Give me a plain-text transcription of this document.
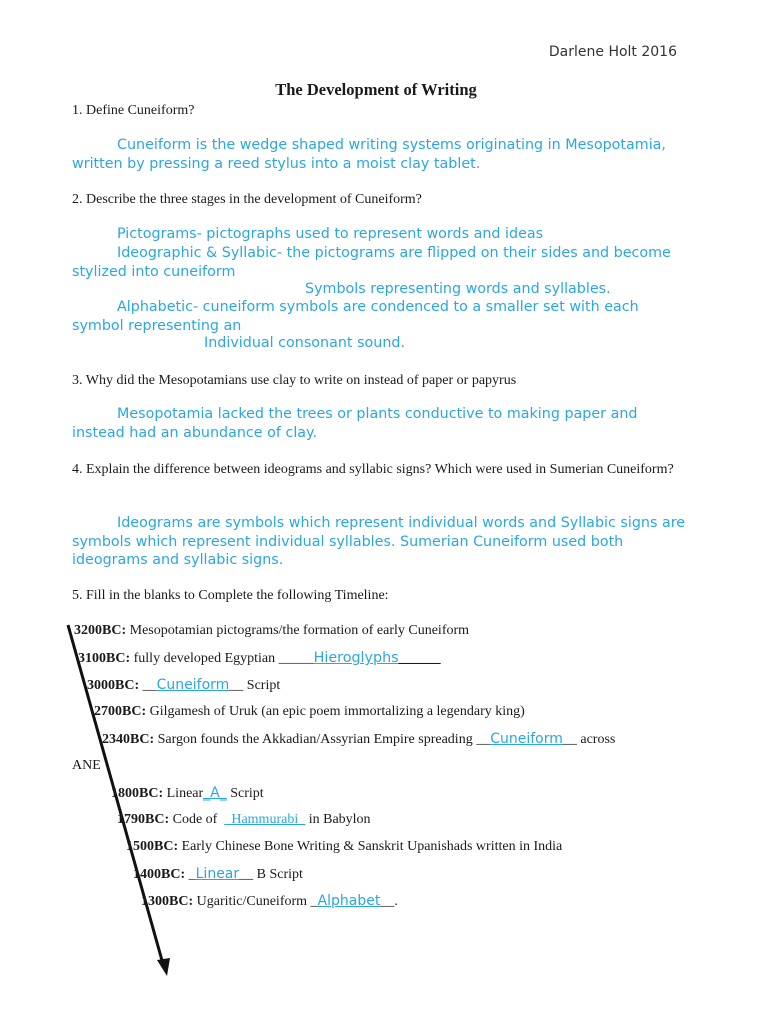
Darlene Holt 2016
The Development of Writing
1. Define Cuneiform?
Cuneiform is the wedge shaped writing systems originating in Mesopotamia, written by pressing a reed stylus into a moist clay tablet.
2. Describe the three stages in the development of Cuneiform?
Pictograms- pictographs used to represent words and ideas
Ideographic & Syllabic- the pictograms are flipped on their sides and become stylized into cuneiform
Symbols representing words and syllables.
Alphabetic- cuneiform symbols are condenced to a smaller set with each symbol representing an
Individual consonant sound.
3. Why did the Mesopotamians use clay to write on instead of paper or papyrus
Mesopotamia lacked the trees or plants conductive to making paper and instead had an abundance of clay.
4. Explain the difference between ideograms and syllabic signs? Which were used in Sumerian Cuneiform?
Ideograms are symbols which represent individual words and Syllabic signs are symbols which represent individual syllables. Sumerian Cuneiform used both ideograms and syllabic signs.
5. Fill in the blanks to Complete the following Timeline:
3200BC: Mesopotamian pictograms/the formation of early Cuneiform
3100BC: fully developed Egyptian _____Hieroglyphs______
3000BC: __Cuneiform__ Script
2700BC: Gilgamesh of Uruk (an epic poem immortalizing a legendary king)
2340BC: Sargon founds the Akkadian/Assyrian Empire spreading __Cuneiform__ across
ANE
1800BC: Linear_A_ Script
1790BC: Code of _Hammurabi_ in Babylon
1500BC: Early Chinese Bone Writing & Sanskrit Upanishads written in India
1400BC: _Linear__ B Script
1300BC: Ugaritic/Cuneiform _Alphabet__.
